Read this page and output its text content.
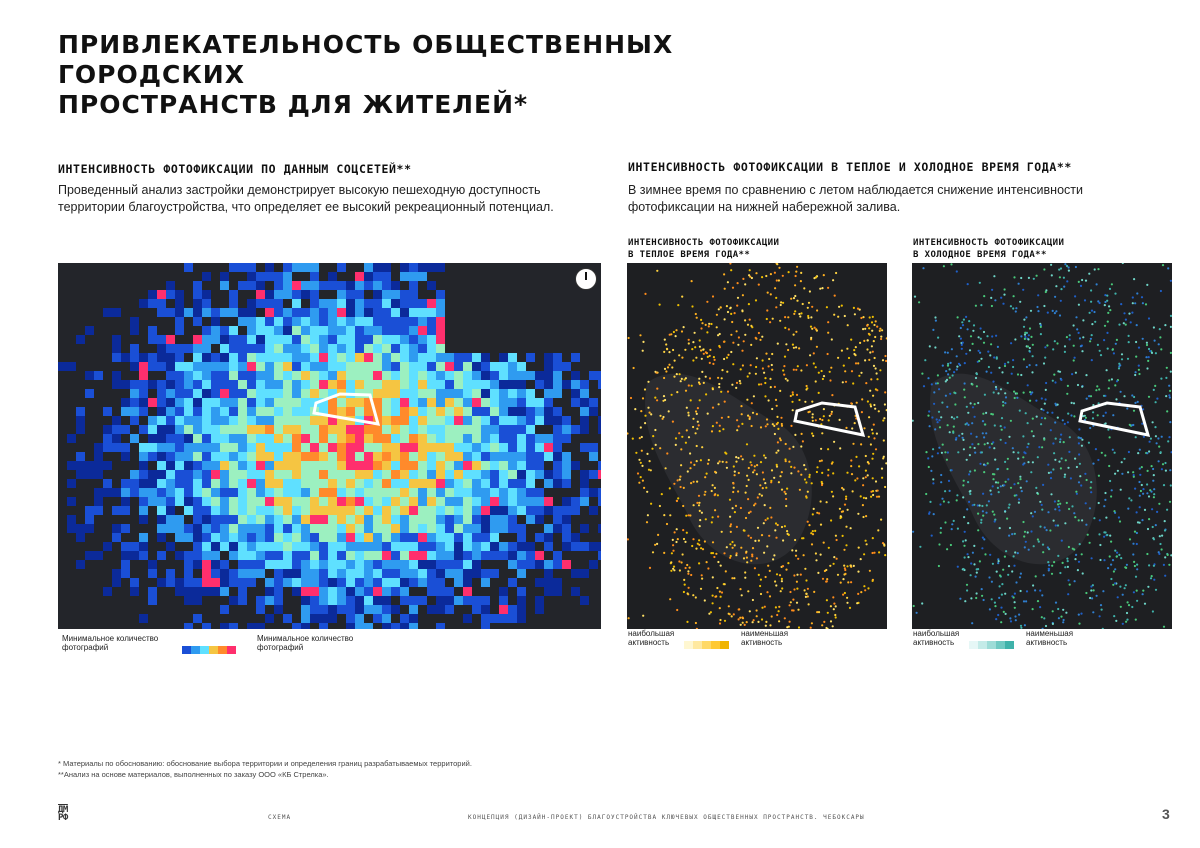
ПРИВЛЕКАТЕЛЬНОСТЬ ОБЩЕСТВЕННЫХ ГОРОДСКИХ
ПРОСТРАНСТВ ДЛЯ ЖИТЕЛЕЙ*
ИНТЕНСИВНОСТЬ ФОТОФИКСАЦИИ ПО ДАННЫМ СОЦСЕТЕЙ**
Проведенный анализ застройки демонстрирует высокую пешеходную доступность
территории благоустройства, что определяет ее высокий рекреационный потенциал.
Минимальное количество
фотографий
Минимальное количество
фотографий
ИНТЕНСИВНОСТЬ ФОТОФИКСАЦИИ В ТЕПЛОЕ И ХОЛОДНОЕ ВРЕМЯ ГОДА**
В зимнее время по сравнению с летом наблюдается снижение интенсивности
фотофиксации на нижней набережной залива.
ИНТЕНСИВНОСТЬ ФОТОФИКСАЦИИ
В ТЕПЛОЕ ВРЕМЯ ГОДА**
наибольшая
активность
наименьшая
активность
ИНТЕНСИВНОСТЬ ФОТОФИКСАЦИИ
В ХОЛОДНОЕ ВРЕМЯ ГОДА**
наибольшая
активность
наименьшая
активность
* Материалы по обоснованию: обоснование выбора территории и определения границ разрабатываемых территорий.
**Анализ на основе материалов, выполненных по заказу ООО «КБ Стрелка».
ДМ
РФ	СХЕМА	КОНЦЕПЦИЯ (ДИЗАЙН-ПРОЕКТ) БЛАГОУСТРОЙСТВА КЛЮЧЕВЫХ ОБЩЕСТВЕННЫХ ПРОСТРАНСТВ. ЧЕБОКСАРЫ	3
